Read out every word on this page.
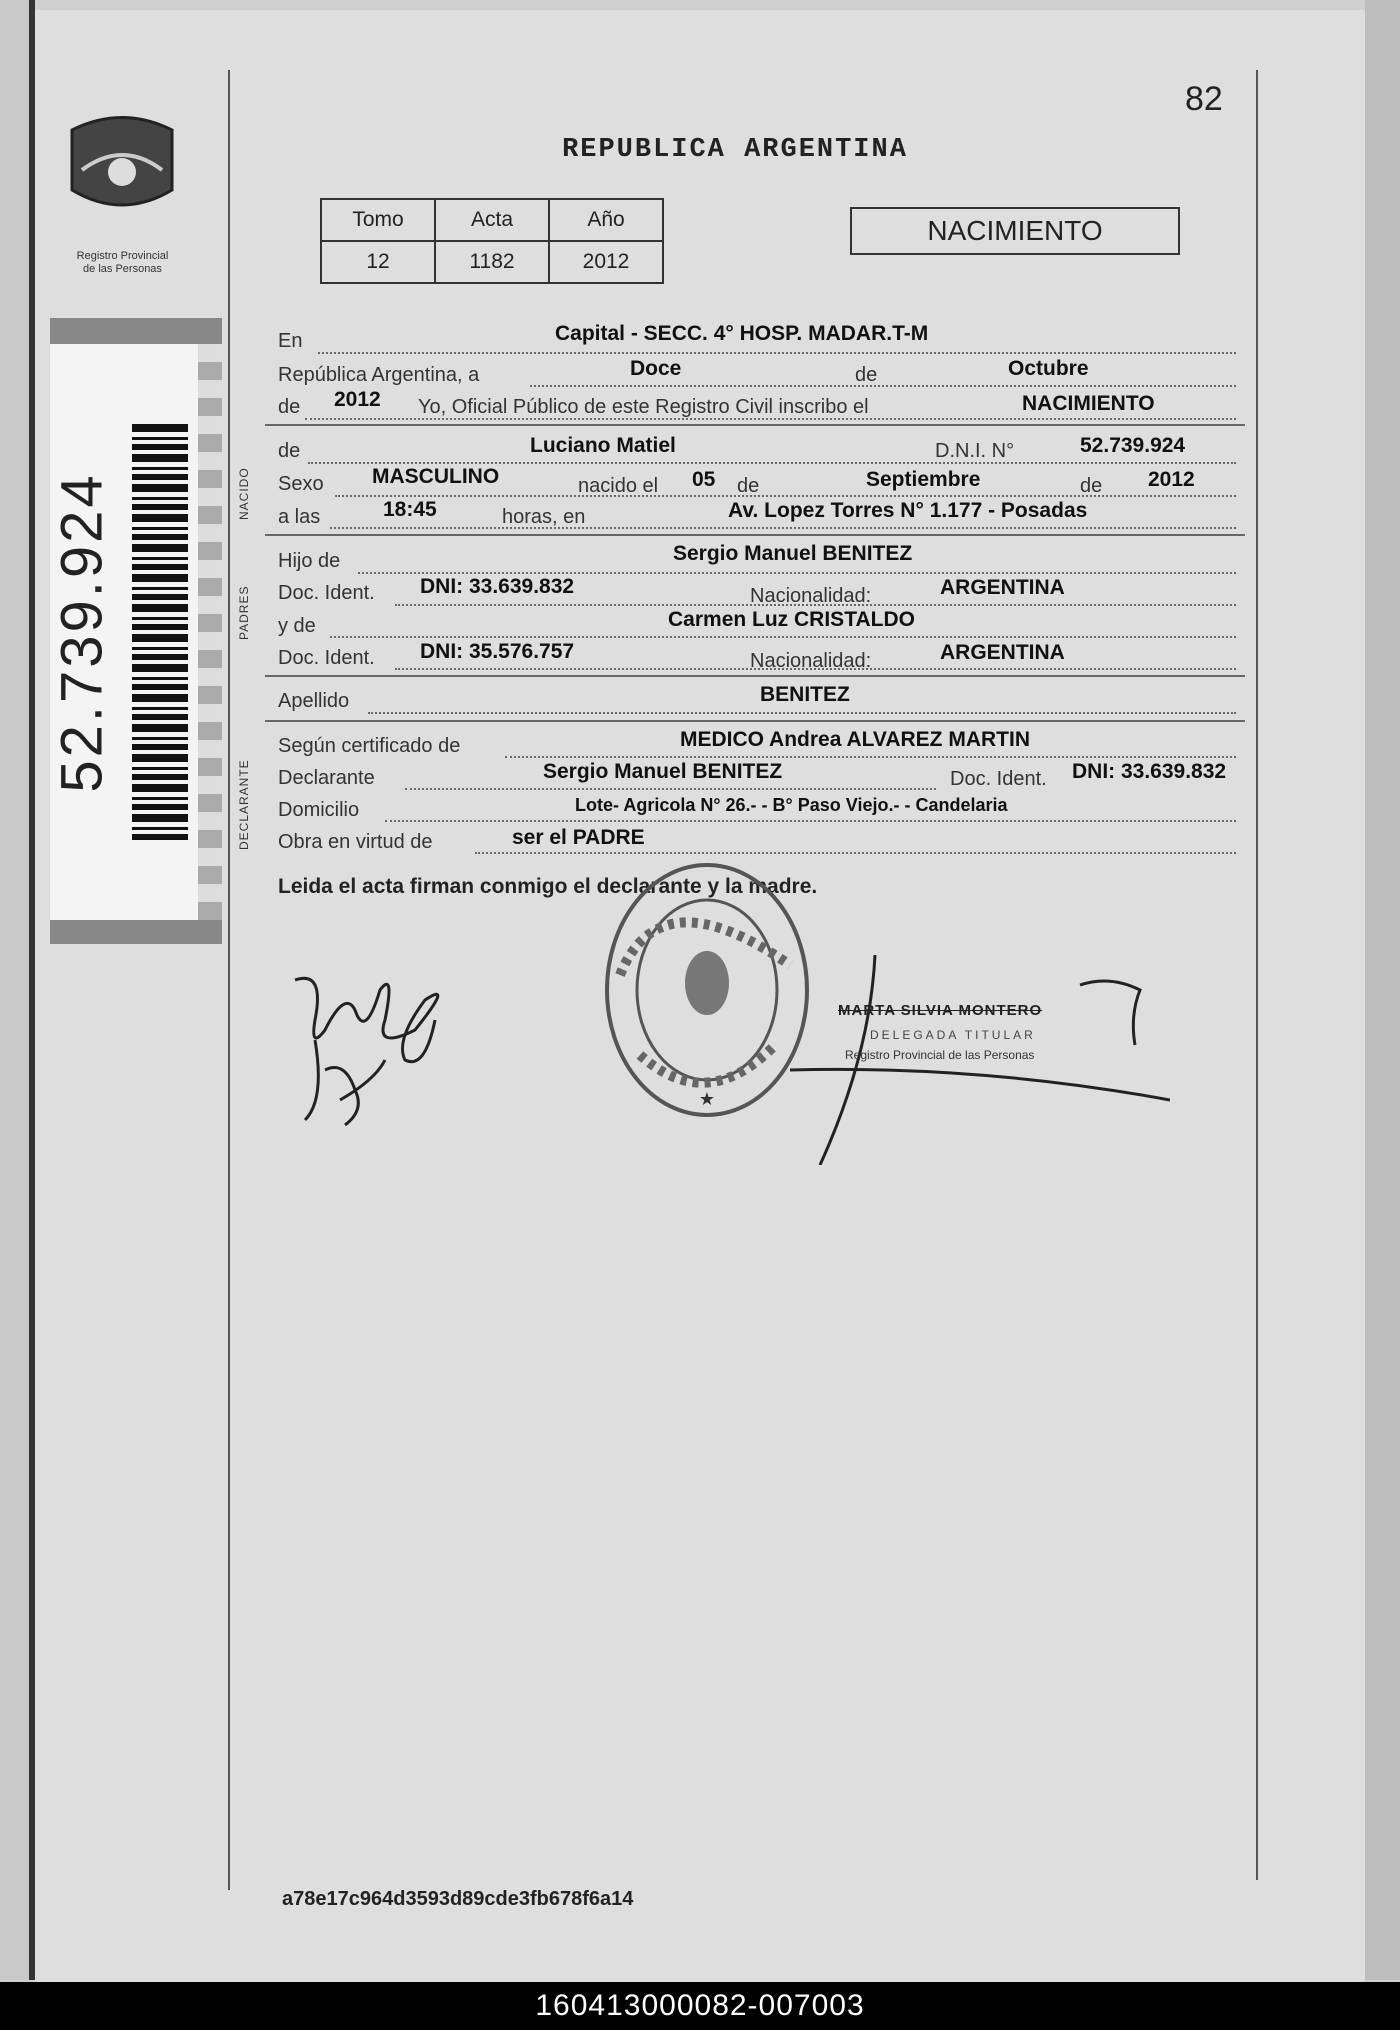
Registro Provincial
de las Personas
52.739.924	NACIDO
PADRES
DECLARANTE
82
REPUBLICA ARGENTINA
Tomo	Acta	Año
12	1182	2012
NACIMIENTO
En	Capital - SECC. 4° HOSP. MADAR.T-M
República Argentina, a	Doce	de	Octubre
de 2012 Yo, Oficial Público de este Registro Civil inscribo el	NACIMIENTO
de	Luciano Matiel	D.N.I. N°	52.739.924
Sexo MASCULINO	nacido el 05 de	Septiembre	de 2012
a las	18:45	horas, en	Av. Lopez Torres N° 1.177 - Posadas
Hijo de	Sergio Manuel BENITEZ
Doc. Ident. DNI: 33.639.832	Nacionalidad:	ARGENTINA
y de	Carmen Luz CRISTALDO
Doc. Ident. DNI: 35.576.757	Nacionalidad:	ARGENTINA
Apellido	BENITEZ
Según certificado de	MEDICO Andrea ALVAREZ MARTIN
Declarante	Sergio Manuel BENITEZ	Doc. Ident. DNI: 33.639.832
Domicilio	Lote- Agricola N° 26.- - B° Paso Viejo.- - Candelaria
Obra en virtud de	ser el PADRE
Leida el acta firman conmigo el declarante y la madre.
★
MARTA SILVIA MONTERO
DELEGADA TITULAR
Registro Provincial de las Personas
a78e17c964d3593d89cde3fb678f6a14
160413000082-007003
